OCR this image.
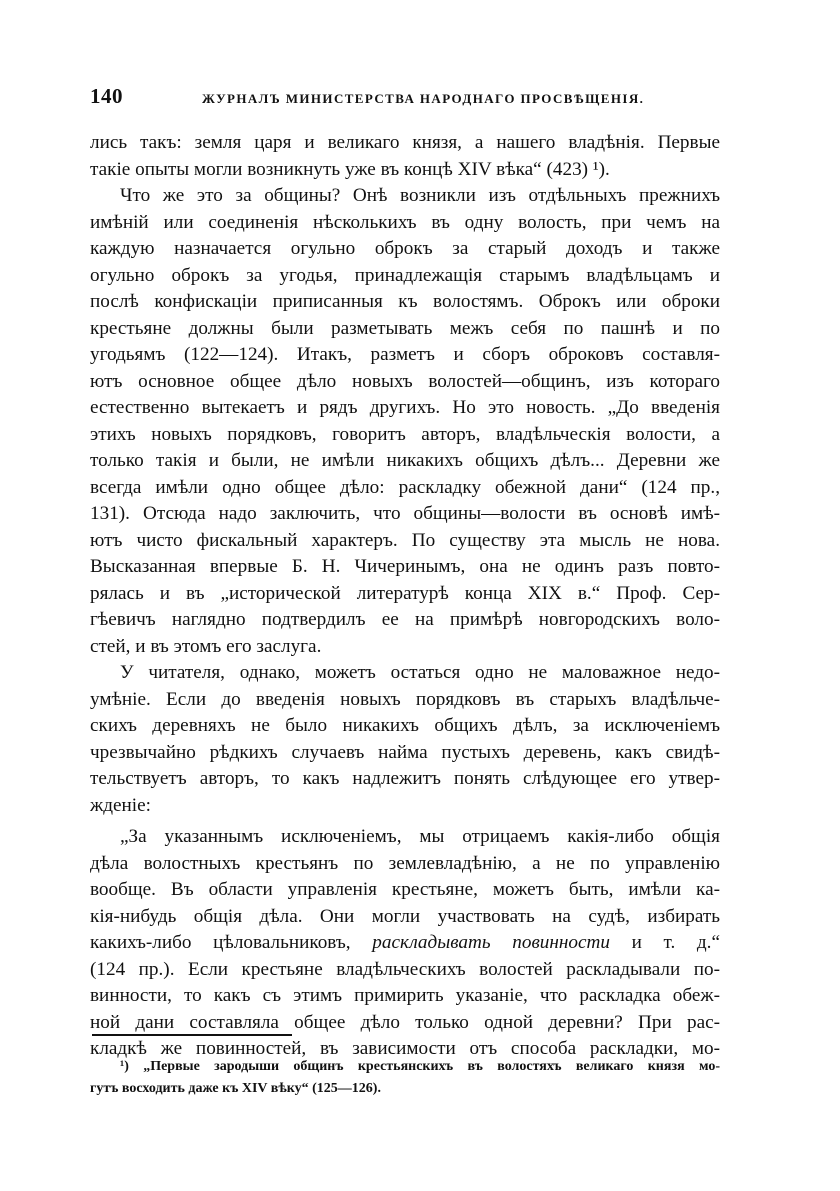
140	ЖУРНАЛЪ МИНИСТЕРСТВА НАРОДНАГО ПРОСВѢЩЕНІЯ.
лись такъ: земля царя и великаго князя, а нашего владѣнія. Первые
такіе опыты могли возникнуть уже въ концѣ XIV вѣка“ (423) ¹).
Что же это за общины? Онѣ возникли изъ отдѣльныхъ прежнихъ
имѣній или соединенія нѣсколькихъ въ одну волость, при чемъ на
каждую назначается огульно оброкъ за старый доходъ и также
огульно оброкъ за угодья, принадлежащія старымъ владѣльцамъ и
послѣ конфискаціи приписанныя къ волостямъ. Оброкъ или оброки
крестьяне должны были разметывать межъ себя по пашнѣ и по
угодьямъ (122—124). Итакъ, разметъ и сборъ оброковъ составля-
ютъ основное общее дѣло новыхъ волостей—общинъ, изъ котораго
естественно вытекаетъ и рядъ другихъ. Но это новость. „До введенія
этихъ новыхъ порядковъ, говоритъ авторъ, владѣльческія волости, а
только такія и были, не имѣли никакихъ общихъ дѣлъ... Деревни же
всегда имѣли одно общее дѣло: раскладку обежной дани“ (124 пр.,
131). Отсюда надо заключить, что общины—волости въ основѣ имѣ-
ютъ чисто фискальный характеръ. По существу эта мысль не нова.
Высказанная впервые Б. Н. Чичеринымъ, она не одинъ разъ повто-
рялась и въ „исторической литературѣ конца XIX в.“ Проф. Сер-
гѣевичъ наглядно подтвердилъ ее на примѣрѣ новгородскихъ воло-
стей, и въ этомъ его заслуга.
У читателя, однако, можетъ остаться одно не маловажное недо-
умѣніе. Если до введенія новыхъ порядковъ въ старыхъ владѣльче-
скихъ деревняхъ не было никакихъ общихъ дѣлъ, за исключеніемъ
чрезвычайно рѣдкихъ случаевъ найма пустыхъ деревень, какъ свидѣ-
тельствуетъ авторъ, то какъ надлежитъ понять слѣдующее его утвер-
жденіе:
„За указаннымъ исключеніемъ, мы отрицаемъ какія-либо общія
дѣла волостныхъ крестьянъ по землевладѣнію, а не по управленію
вообще. Въ области управленія крестьяне, можетъ быть, имѣли ка-
кія-нибудь общія дѣла. Они могли участвовать на судѣ, избирать
какихъ-либо цѣловальниковъ, раскладывать повинности и т. д.“
(124 пр.). Если крестьяне владѣльческихъ волостей раскладывали по-
винности, то какъ съ этимъ примирить указаніе, что раскладка обеж-
ной дани составляла общее дѣло только одной деревни? При рас-
кладкѣ же повинностей, въ зависимости отъ способа раскладки, мо-
¹) „Первые зародыши общинъ крестьянскихъ въ волостяхъ великаго князя мо-
гутъ восходить даже къ XIV вѣку“ (125—126).
